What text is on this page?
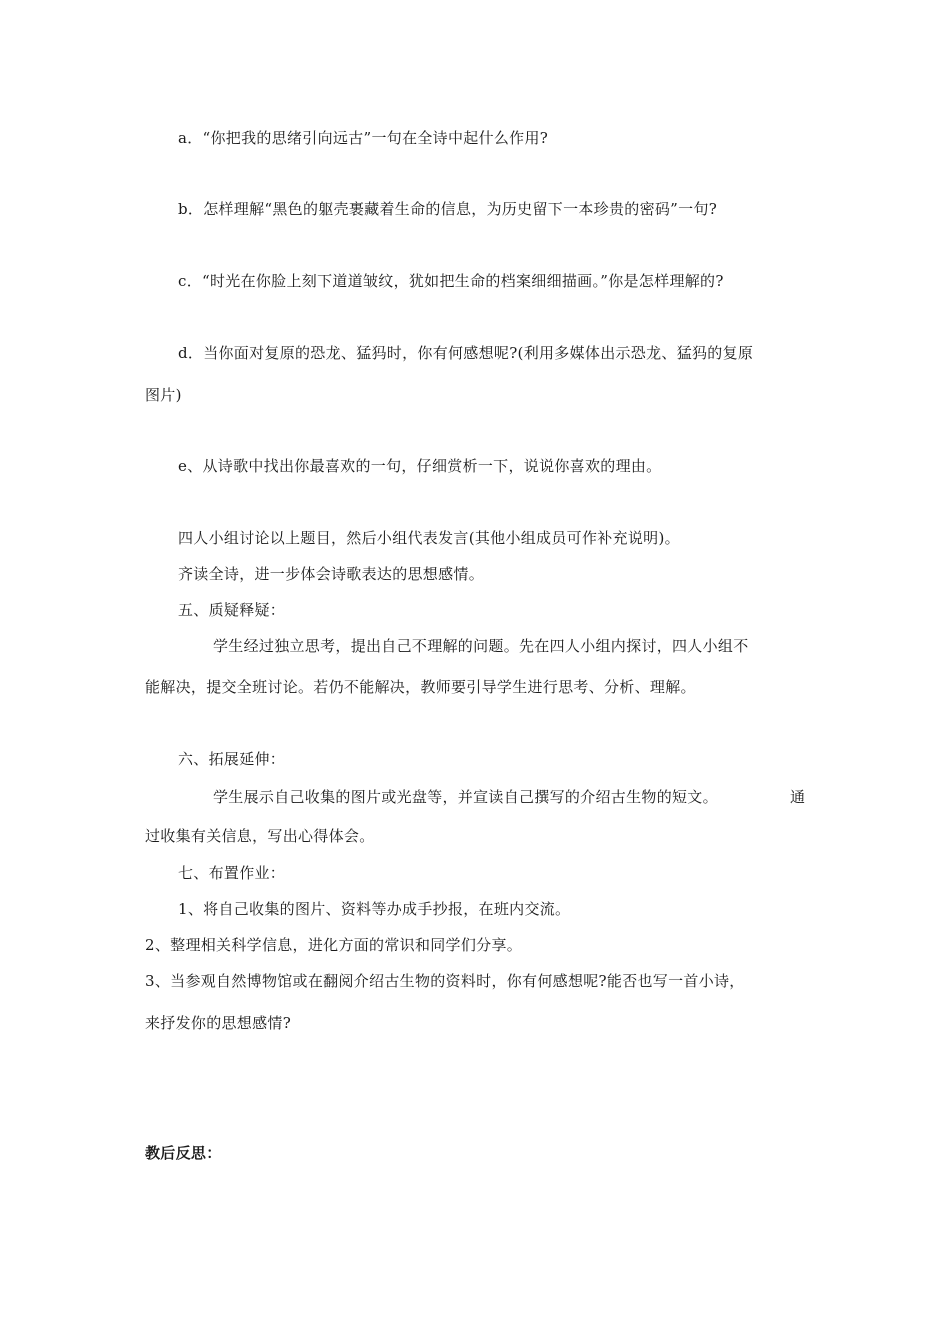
a．“你把我的思绪引向远古”一句在全诗中起什么作用?
b．怎样理解“黑色的躯壳裹藏着生命的信息，为历史留下一本珍贵的密码”一句?
c．“时光在你脸上刻下道道皱纹，犹如把生命的档案细细描画。”你是怎样理解的?
d．当你面对复原的恐龙、猛犸时，你有何感想呢?(利用多媒体出示恐龙、猛犸的复原
图片)
e、从诗歌中找出你最喜欢的一句，仔细赏析一下，说说你喜欢的理由。
四人小组讨论以上题目，然后小组代表发言(其他小组成员可作补充说明)。
齐读全诗，进一步体会诗歌表达的思想感情。
五、质疑释疑：
学生经过独立思考，提出自己不理解的问题。先在四人小组内探讨，四人小组不
能解决，提交全班讨论。若仍不能解决，教师要引导学生进行思考、分析、理解。
六、拓展延伸：
学生展示自己收集的图片或光盘等，并宣读自己撰写的介绍古生物的短文。	通
过收集有关信息，写出心得体会。
七、布置作业：
1、将自己收集的图片、资料等办成手抄报，在班内交流。
2、整理相关科学信息，进化方面的常识和同学们分享。
3、当参观自然博物馆或在翻阅介绍古生物的资料时，你有何感想呢?能否也写一首小诗，
来抒发你的思想感情?
教后反思：
